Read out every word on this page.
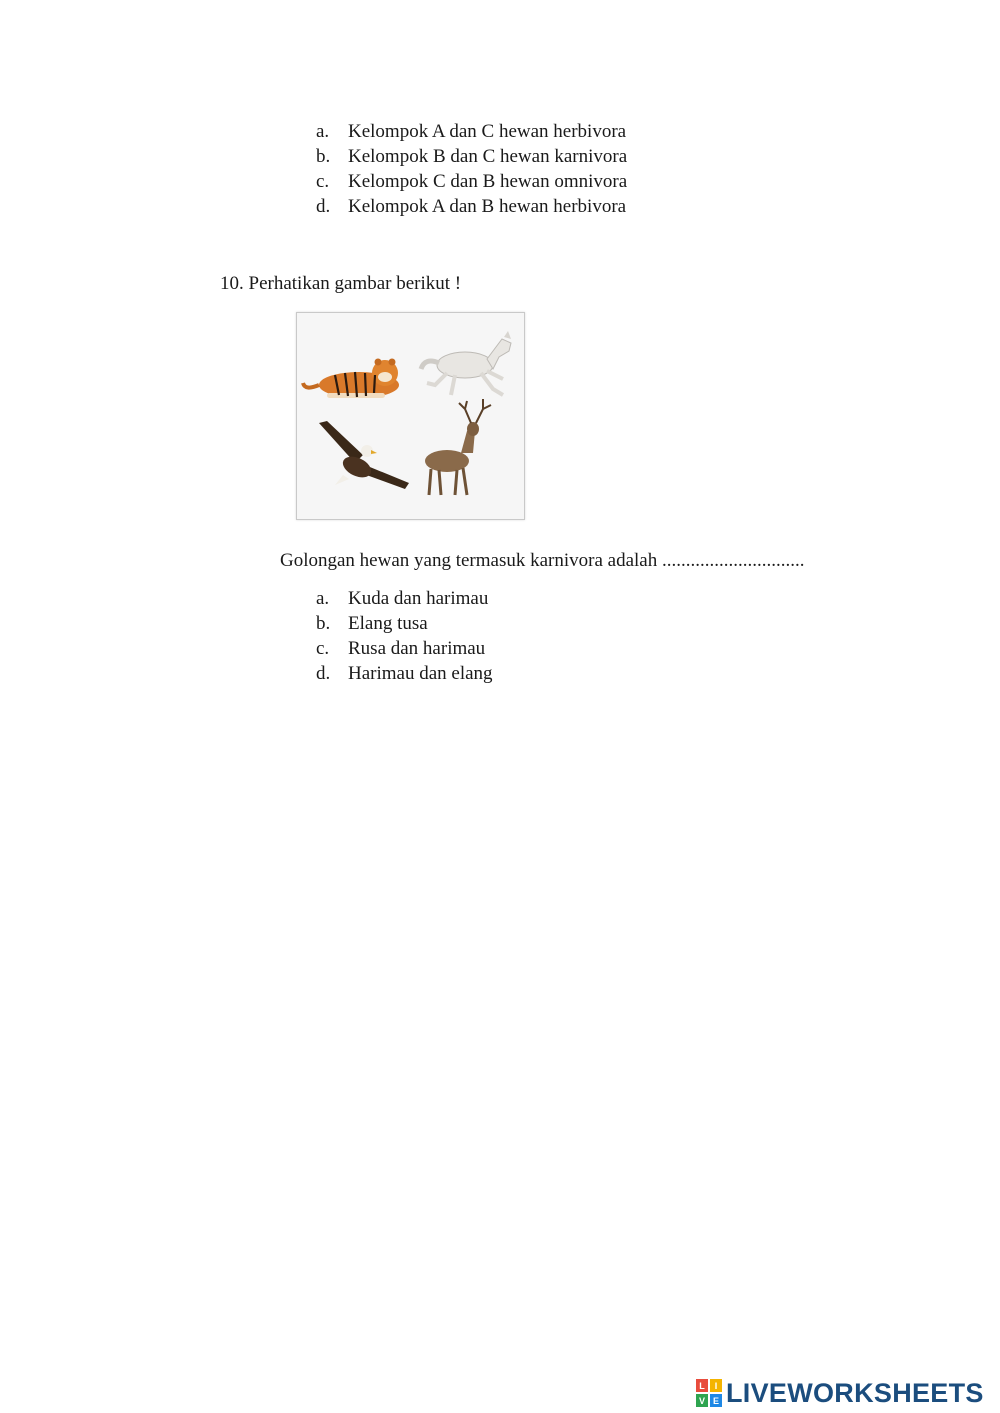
a. Kelompok A dan C hewan herbivora
b. Kelompok B dan C hewan karnivora
c. Kelompok C dan B hewan omnivora
d. Kelompok A dan B hewan herbivora
10. Perhatikan gambar berikut !
Golongan hewan yang termasuk karnivora adalah ..............................
a. Kuda dan harimau
b. Elang tusa
c. Rusa dan harimau
d. Harimau dan elang
L I
V E LIVEWORKSHEETS
